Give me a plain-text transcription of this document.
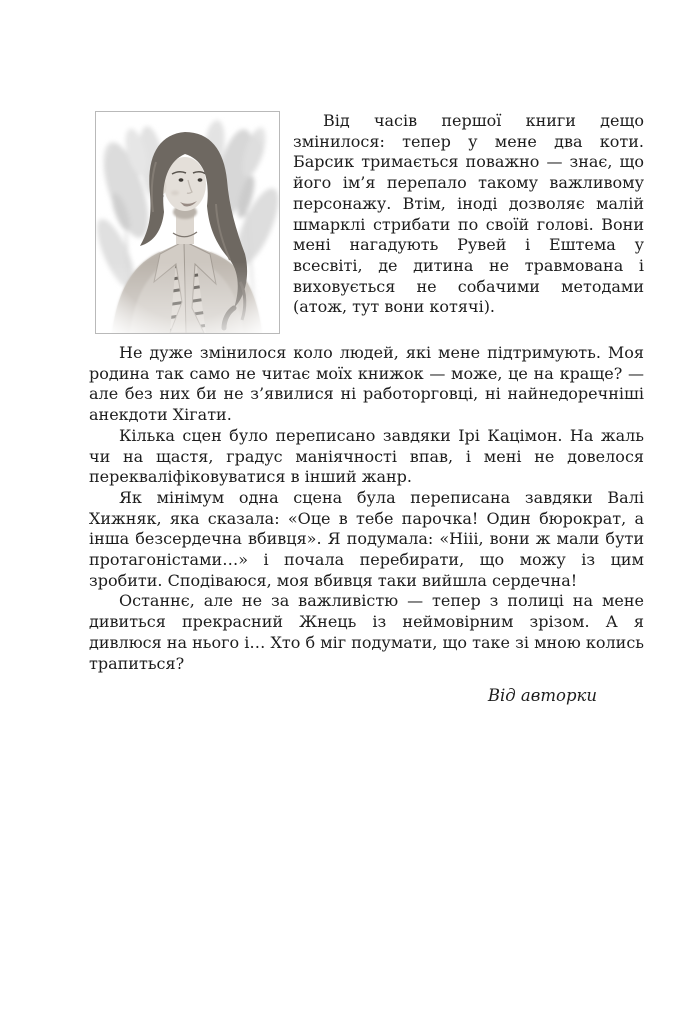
Від часів першої книги дещо змінилося: тепер у мене два коти. Барсик тримається поважно — знає, що його ім’я перепало такому важливому персонажу. Втім, іноді дозволяє малій шмарклі стрибати по своїй голові. Вони мені нагадують Рувей і Ештема у всесвіті, де дитина не травмована і виховується не собачими методами (атож, тут вони котячі).

Не дуже змінилося коло людей, які мене підтримують. Моя родина так само не читає моїх книжок — може, це на краще? — але без них би не з’явилися ні работорговці, ні найнедоречніші анекдоти Хігати.

Кілька сцен було переписано завдяки Ірі Кацімон. На жаль чи на щастя, градус маніячності впав, і мені не довелося перекваліфіковуватися в інший жанр.

Як мінімум одна сцена була переписана завдяки Валі Хижняк, яка сказала: «Оце в тебе парочка! Один бюрократ, а інша безсердечна вбивця». Я подумала: «Нііі, вони ж мали бути протагоністами…» і почала перебирати, що можу із цим зробити. Сподіваюся, моя вбивця таки вийшла сердечна!

Останнє, але не за важливістю — тепер з полиці на мене дивиться прекрасний Жнець із неймовірним зрізом. А я дивлюся на нього і… Хто б міг подумати, що таке зі мною колись трапиться?

Від авторки
